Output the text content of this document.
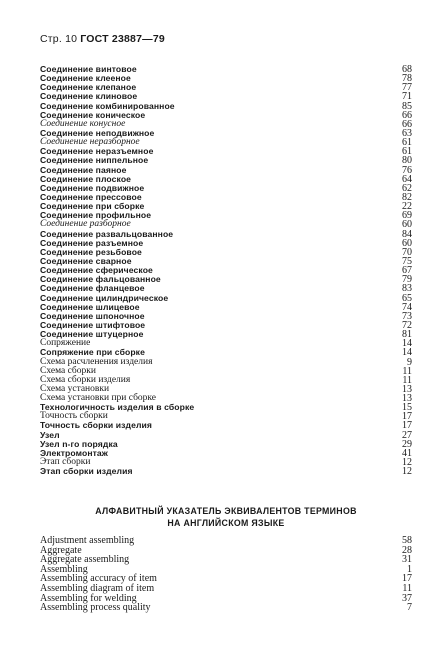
Стр. 10 ГОСТ 23887—79
Соединение винтовое	68
Соединение клееное	78
Соединение клепаное	77
Соединение клиновое	71
Соединение комбинированное	85
Соединение коническое	66
Соединение конусное	66
Соединение неподвижное	63
Соединение неразборное	61
Соединение неразъемное	61
Соединение ниппельное	80
Соединение паяное	76
Соединение плоское	64
Соединение подвижное	62
Соединение прессовое	82
Соединение при сборке	22
Соединение профильное	69
Соединение разборное	60
Соединение развальцованное	84
Соединение разъемное	60
Соединение резьбовое	70
Соединение сварное	75
Соединение сферическое	67
Соединение фальцованное	79
Соединение фланцевое	83
Соединение цилиндрическое	65
Соединение шлицевое	74
Соединение шпоночное	73
Соединение штифтовое	72
Соединение штуцерное	81
Сопряжение	14
Сопряжение при сборке	14
Схема расчленения изделия	9
Схема сборки	11
Схема сборки изделия	11
Схема установки	13
Схема установки при сборке	13
Технологичность изделия в сборке	15
Точность сборки	17
Точность сборки изделия	17
Узел	27
Узел n-го порядка	29
Электромонтаж	41
Этап сборки	12
Этап сборки изделия	12
АЛФАВИТНЫЙ УКАЗАТЕЛЬ ЭКВИВАЛЕНТОВ ТЕРМИНОВ
НА АНГЛИЙСКОМ ЯЗЫКЕ
Adjustment assembling	58
Aggregate	28
Aggregate assembling	31
Assembling	1
Assembling accuracy of item	17
Assembling diagram of item	11
Assembling for welding	37
Assembling process quality	7
